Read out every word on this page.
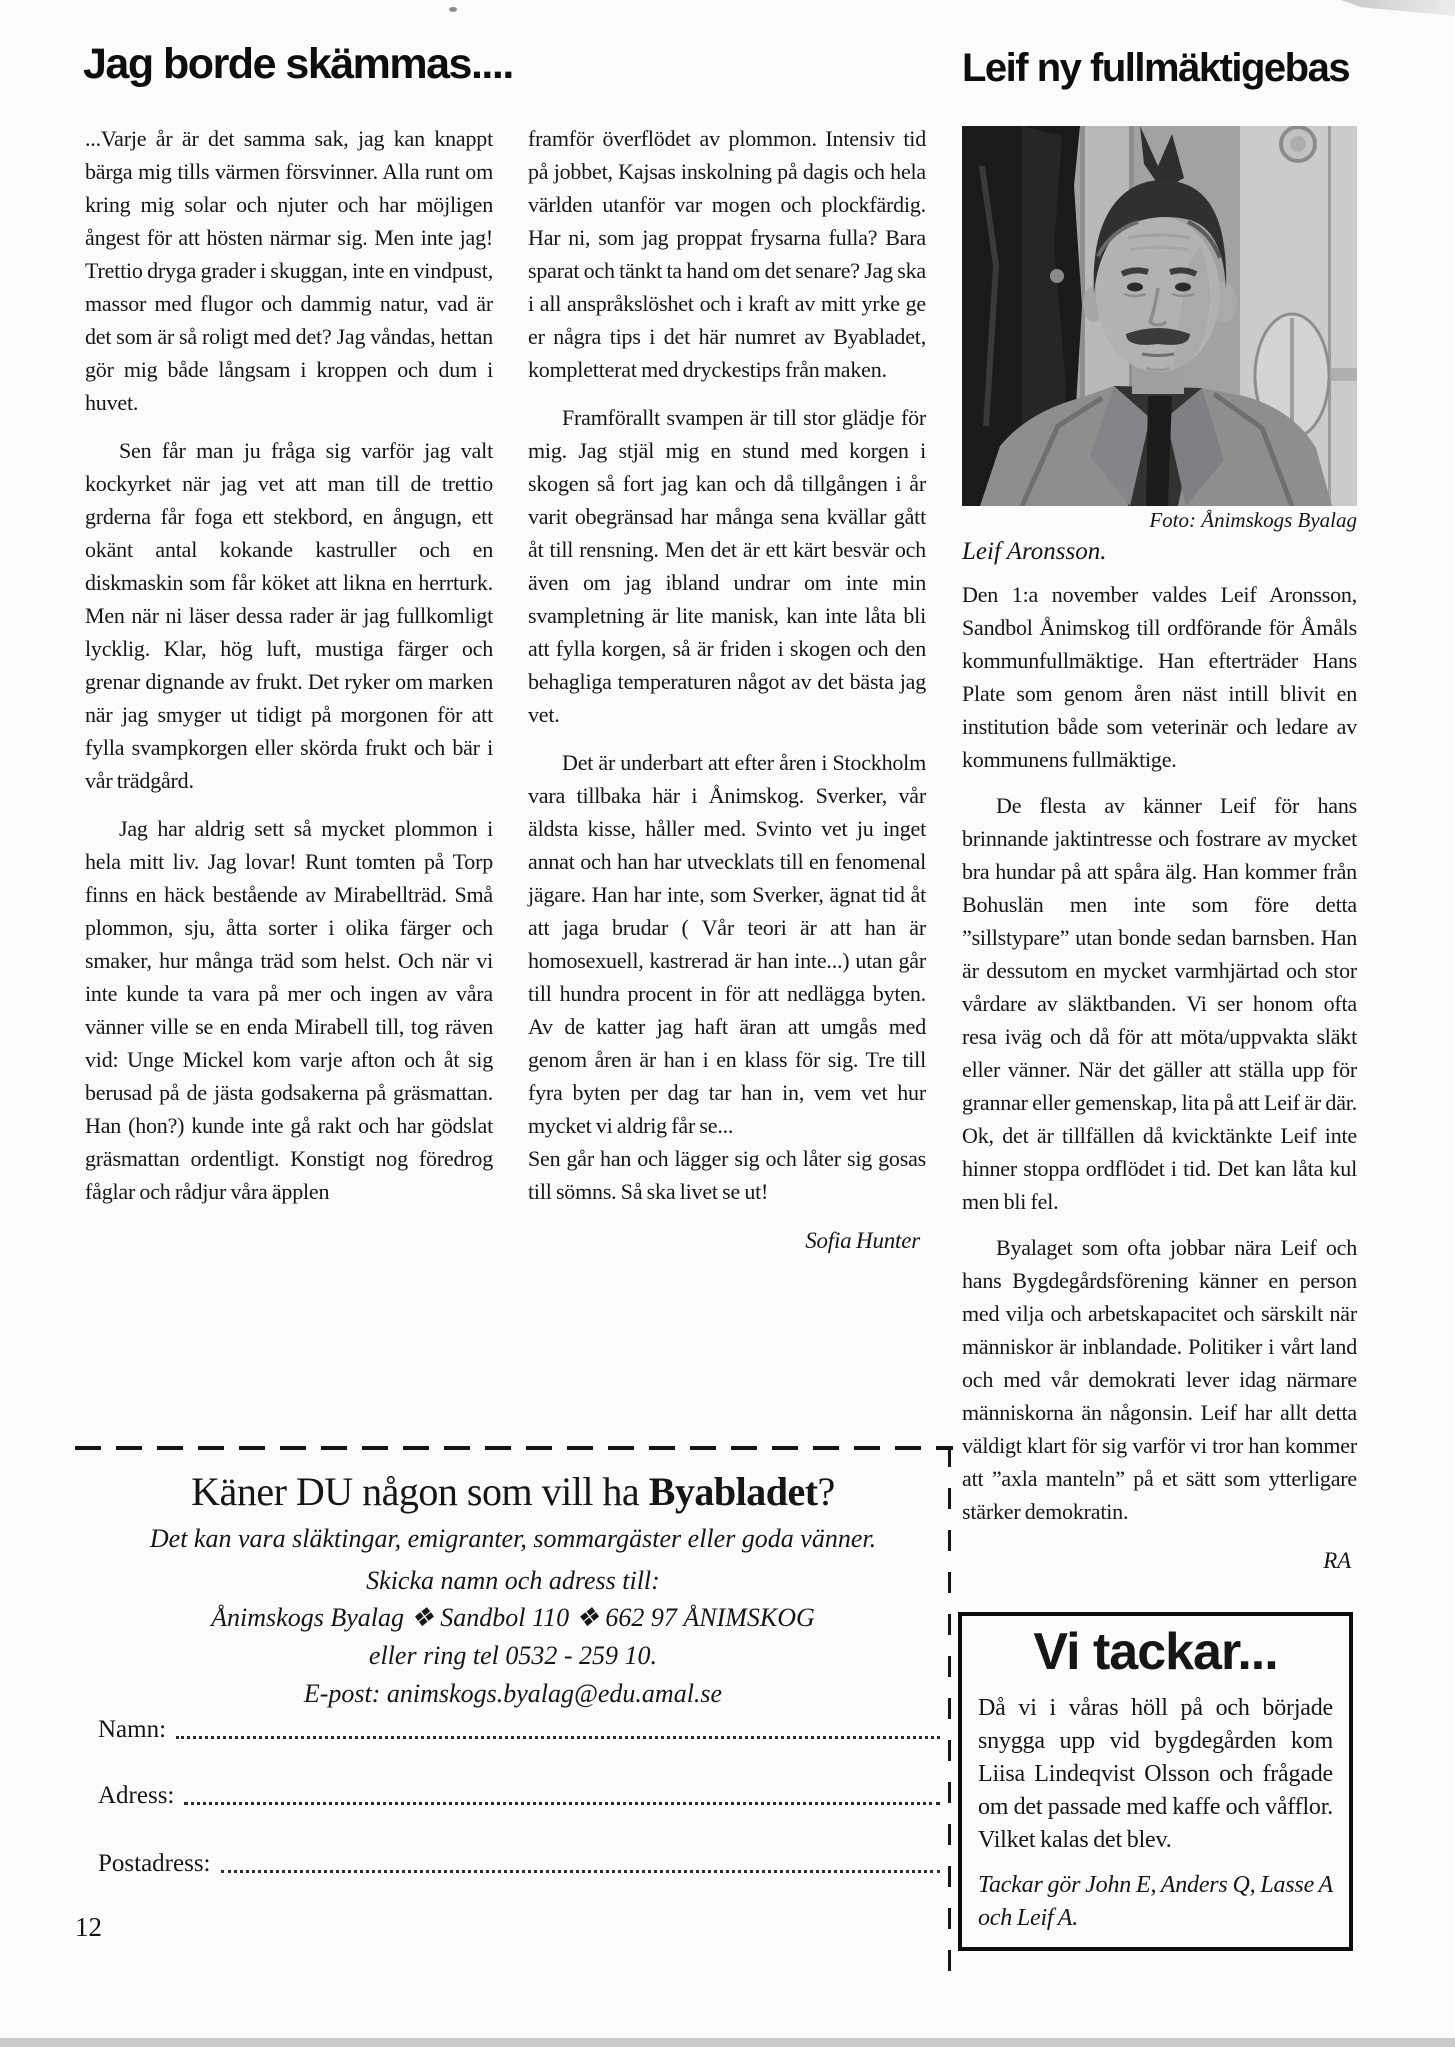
Jag borde skämmas....

...Varje år är det samma sak, jag kan knappt bärga mig tills värmen försvinner. Alla runt om kring mig solar och njuter och har möjligen ångest för att hösten närmar sig. Men inte jag! Trettio dryga grader i skuggan, inte en vindpust, massor med flugor och dammig natur, vad är det som är så roligt med det? Jag våndas, hettan gör mig både långsam i kroppen och dum i huvet.

Sen får man ju fråga sig varför jag valt kockyrket när jag vet att man till de trettio grderna får foga ett stekbord, en ångugn, ett okänt antal kokande kastruller och en diskmaskin som får köket att likna en herrturk. Men när ni läser dessa rader är jag fullkomligt lycklig. Klar, hög luft, mustiga färger och grenar dignande av frukt. Det ryker om marken när jag smyger ut tidigt på morgonen för att fylla svampkorgen eller skörda frukt och bär i vår trädgård.

Jag har aldrig sett så mycket plommon i hela mitt liv. Jag lovar! Runt tomten på Torp finns en häck bestående av Mirabellträd. Små plommon, sju, åtta sorter i olika färger och smaker, hur många träd som helst. Och när vi inte kunde ta vara på mer och ingen av våra vänner ville se en enda Mirabell till, tog räven vid: Unge Mickel kom varje afton och åt sig berusad på de jästa godsakerna på gräsmattan. Han (hon?) kunde inte gå rakt och har gödslat gräsmattan ordentligt. Konstigt nog föredrog fåglar och rådjur våra äpplen

framför överflödet av plommon. Intensiv tid på jobbet, Kajsas inskolning på dagis och hela världen utanför var mogen och plockfärdig. Har ni, som jag proppat frysarna fulla? Bara sparat och tänkt ta hand om det senare? Jag ska i all anspråkslöshet och i kraft av mitt yrke ge er några tips i det här numret av Byabladet, kompletterat med dryckestips från maken.

Framförallt svampen är till stor glädje för mig. Jag stjäl mig en stund med korgen i skogen så fort jag kan och då tillgången i år varit obegränsad har många sena kvällar gått åt till rensning. Men det är ett kärt besvär och även om jag ibland undrar om inte min svampletning är lite manisk, kan inte låta bli att fylla korgen, så är friden i skogen och den behagliga temperaturen något av det bästa jag vet.

Det är underbart att efter åren i Stockholm vara tillbaka här i Ånimskog. Sverker, vår äldsta kisse, håller med. Svinto vet ju inget annat och han har utvecklats till en fenomenal jägare. Han har inte, som Sverker, ägnat tid åt att jaga brudar ( Vår teori är att han är homosexuell, kastrerad är han inte...) utan går till hundra procent in för att nedlägga byten. Av de katter jag haft äran att umgås med genom åren är han i en klass för sig. Tre till fyra byten per dag tar han in, vem vet hur mycket vi aldrig får se...

Sen går han och lägger sig och låter sig gosas till sömns. Så ska livet se ut!

Sofia Hunter
Leif ny fullmäktigebas
Foto: Ånimskogs Byalag
Leif Aronsson.

Den 1:a november valdes Leif Aronsson, Sandbol Ånimskog till ordförande för Åmåls kommunfullmäktige. Han efterträder Hans Plate som genom åren näst intill blivit en institution både som veterinär och ledare av kommunens fullmäktige.

De flesta av känner Leif för hans brinnande jaktintresse och fostrare av mycket bra hundar på att spåra älg. Han kommer från Bohuslän men inte som före detta ”sillstypare” utan bonde sedan barnsben. Han är dessutom en mycket varmhjärtad och stor vårdare av släktbanden. Vi ser honom ofta resa iväg och då för att möta/uppvakta släkt eller vänner. När det gäller att ställa upp för grannar eller gemenskap, lita på att Leif är där. Ok, det är tillfällen då kvicktänkte Leif inte hinner stoppa ordflödet i tid. Det kan låta kul men bli fel.

Byalaget som ofta jobbar nära Leif och hans Bygdegårdsförening känner en person med vilja och arbetskapacitet och särskilt när människor är inblandade. Politiker i vårt land och med vår demokrati lever idag närmare människorna än någonsin. Leif har allt detta väldigt klart för sig varför vi tror han kommer att ”axla manteln” på et sätt som ytterligare stärker demokratin.

RA
Käner DU någon som vill ha Byabladet?
Det kan vara släktingar, emigranter, sommargäster eller goda vänner.
Skicka namn och adress till:
Ånimskogs Byalag ❖ Sandbol 110 ❖ 662 97 ÅNIMSKOG
eller ring tel 0532 - 259 10.
E-post: animskogs.byalag@edu.amal.se
Namn:
Adress:
Postadress:
Vi tackar...

Då vi i våras höll på och började snygga upp vid bygdegården kom Liisa Lindeqvist Olsson och frågade om det passade med kaffe och våfflor. Vilket kalas det blev.

Tackar gör John E, Anders Q, Lasse A och Leif A.

12
